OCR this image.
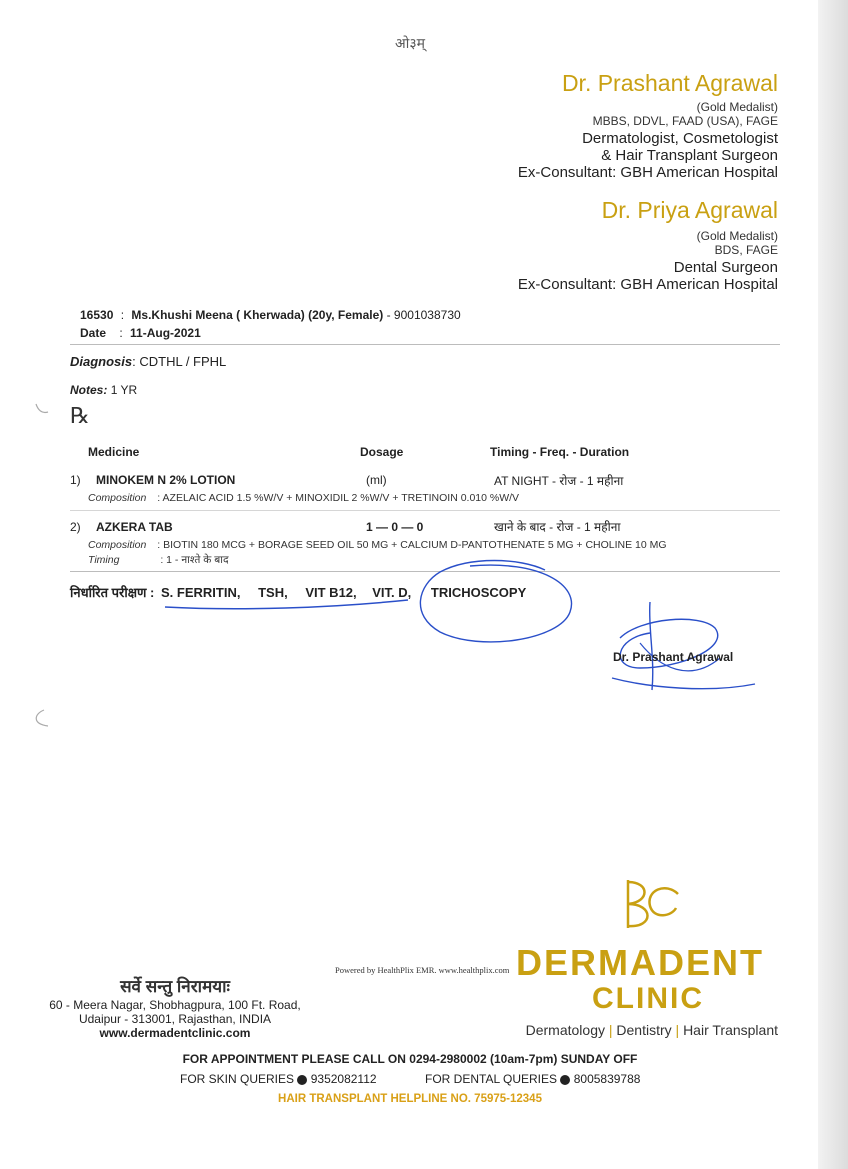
ओ३म्
Dr. Prashant Agrawal
(Gold Medalist)
MBBS, DDVL, FAAD (USA), FAGE
Dermatologist, Cosmetologist
& Hair Transplant Surgeon
Ex-Consultant: GBH American Hospital
Dr. Priya Agrawal
(Gold Medalist)
BDS, FAGE
Dental Surgeon
Ex-Consultant: GBH American Hospital
16530 : Ms.Khushi Meena ( Kherwada) (20y, Female) - 9001038730
Date : 11-Aug-2021
Diagnosis: CDTHL / FPHL
Notes: 1 YR
℞
Medicine	Dosage	Timing - Freq. - Duration
1) MINOKEM N 2% LOTION	(ml)	AT NIGHT - रोज - 1 महीना
Composition : AZELAIC ACID 1.5 %W/V + MINOXIDIL 2 %W/V + TRETINOIN 0.010 %W/V
2) AZKERA TAB	1 — 0 — 0	खाने के बाद - रोज - 1 महीना
Composition : BIOTIN 180 MCG + BORAGE SEED OIL 50 MG + CALCIUM D-PANTOTHENATE 5 MG + CHOLINE 10 MG
Timing	: 1 - नाश्ते के बाद
निर्धारित परीक्षण : S. FERRITIN, TSH, VIT B12, VIT. D, TRICHOSCOPY
Dr. Prashant Agrawal
DERMADENT
CLINIC
Dermatology | Dentistry | Hair Transplant
Powered by HealthPlix EMR. www.healthplix.com
सर्वे सन्तु निरामयाः
60 - Meera Nagar, Shobhagpura, 100 Ft. Road,
Udaipur - 313001, Rajasthan, INDIA
www.dermadentclinic.com
FOR APPOINTMENT PLEASE CALL ON 0294-2980002 (10am-7pm) SUNDAY OFF
FOR SKIN QUERIES 9352082112	FOR DENTAL QUERIES 8005839788
HAIR TRANSPLANT HELPLINE NO. 75975-12345
